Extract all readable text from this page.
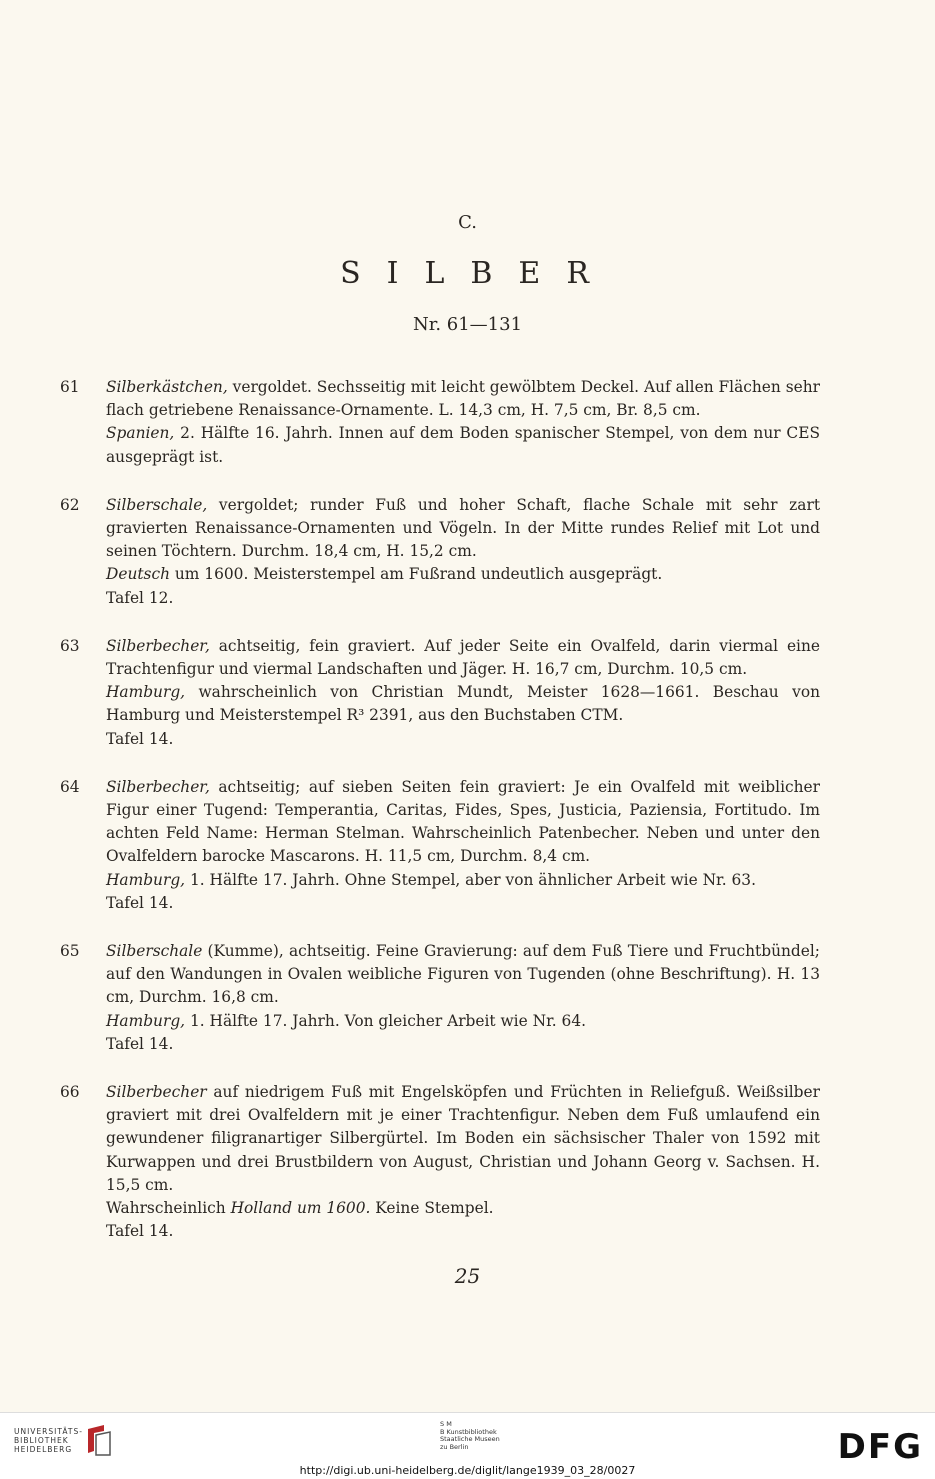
C.
SILBER
Nr. 61—131
61 Silberkästchen, vergoldet. Sechsseitig mit leicht gewölbtem Deckel. Auf allen Flächen sehr flach getriebene Renaissance-Ornamente. L. 14,3 cm, H. 7,5 cm, Br. 8,5 cm.

Spanien, 2. Hälfte 16. Jahrh. Innen auf dem Boden spanischer Stempel, von dem nur CES ausgeprägt ist.

62 Silberschale, vergoldet; runder Fuß und hoher Schaft, flache Schale mit sehr zart gravierten Renaissance-Ornamenten und Vögeln. In der Mitte rundes Relief mit Lot und seinen Töchtern. Durchm. 18,4 cm, H. 15,2 cm.

Deutsch um 1600. Meisterstempel am Fußrand undeutlich ausgeprägt.

Tafel 12.

63 Silberbecher, achtseitig, fein graviert. Auf jeder Seite ein Ovalfeld, darin viermal eine Trachtenfigur und viermal Landschaften und Jäger. H. 16,7 cm, Durchm. 10,5 cm.

Hamburg, wahrscheinlich von Christian Mundt, Meister 1628—1661. Beschau von Hamburg und Meisterstempel R³ 2391, aus den Buchstaben CTM.

Tafel 14.

64 Silberbecher, achtseitig; auf sieben Seiten fein graviert: Je ein Ovalfeld mit weiblicher Figur einer Tugend: Temperantia, Caritas, Fides, Spes, Justicia, Paziensia, Fortitudo. Im achten Feld Name: Herman Stelman. Wahrscheinlich Patenbecher. Neben und unter den Ovalfeldern barocke Mascarons. H. 11,5 cm, Durchm. 8,4 cm.

Hamburg, 1. Hälfte 17. Jahrh. Ohne Stempel, aber von ähnlicher Arbeit wie Nr. 63.

Tafel 14.

65 Silberschale (Kumme), achtseitig. Feine Gravierung: auf dem Fuß Tiere und Fruchtbündel; auf den Wandungen in Ovalen weibliche Figuren von Tugenden (ohne Beschriftung). H. 13 cm, Durchm. 16,8 cm.

Hamburg, 1. Hälfte 17. Jahrh. Von gleicher Arbeit wie Nr. 64.

Tafel 14.

66 Silberbecher auf niedrigem Fuß mit Engelsköpfen und Früchten in Reliefguß. Weißsilber graviert mit drei Ovalfeldern mit je einer Trachtenfigur. Neben dem Fuß umlaufend ein gewundener filigranartiger Silbergürtel. Im Boden ein sächsischer Thaler von 1592 mit Kurwappen und drei Brustbildern von August, Christian und Johann Georg v. Sachsen. H. 15,5 cm.

Wahrscheinlich Holland um 1600. Keine Stempel.

Tafel 14.

25
UNIVERSITÄTS-
BIBLIOTHEK
HEIDELBERG
S M
B Kunstbibliothek
Staatliche Museen
zu Berlin	DFG
http://digi.ub.uni-heidelberg.de/diglit/lange1939_03_28/0027
